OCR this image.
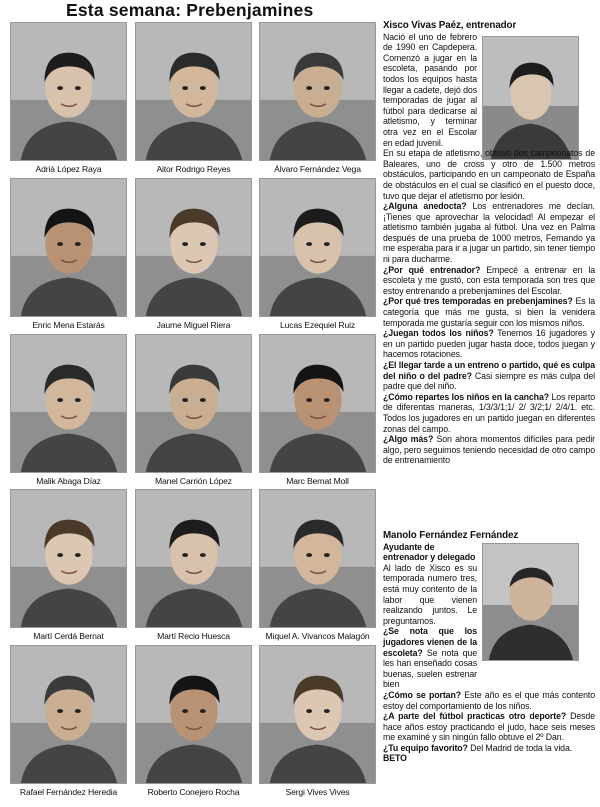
Esta semana: Prebenjamines
Adrià López Raya	Aitor Rodrigo Reyes	Álvaro Fernández Vega
Enric Mena Estarás	Jaume Miguel Riera	Lucas Ezequiel Ruiz
Malik Abaga Díaz	Manel Carrión López	Marc Bernat Moll
Martí Cerdá Bernat	Martí Recio Huesca	Miquel A. Vivancos Malagón
Rafael Fernández Heredia	Roberto Conejero Rocha	Sergi Vives Vives

Xisco Vivas Paéz, entrenador

Nació el uno de febrero de 1990 en Capdepera. Comenzó a jugar en la escoleta, pasando por todos los equipos hasta llegar a cadete, dejó dos temporadas de jugar al fútbol para dedicarse al atletismo, y terminar otra vez en el Escolar en edad juvenil.

En su etapa de atletismo, obtuvo dos campeonatos de Baleares, uno de cross y otro de 1.500 metros obstáculos, participando en un campeonato de España de obstáculos en el cual se clasificó en el puesto doce, tuvo que dejar el atletismo por lesión.

¿Alguna anedocta? Los entrenadores me decían. ¡Tienes que aprovechar la velocidad! Al empezar el atletismo también jugaba al fútbol. Una vez en Palma después de una prueba de 1000 metros, Fernando ya me esperaba para ir a jugar un partido, sin tener tiempo ni para ducharme.

¿Por qué entrenador? Empecé a entrenar en la escoleta y me gustó, con esta temporada son tres que estoy entrenando a prebenjamines del Escolar.

¿Por qué tres temporadas en prebenjamines? Es la categoría que más me gusta, si bien la venidera temporada me gustaría seguir con los mismos niños.

¿Juegan todos los niños? Tenemos 16 jugadores y en un partido pueden jugar hasta doce, todos juegan y hacemos rotaciones.

¿El llegar tarde a un entreno o partido, qué es culpa del niño o del padre? Casi siempre es más culpa del padre que del niño.

¿Cómo repartes los niños en la cancha? Los reparto de diferentas maneras, 1/3/3/1;1/ 2/ 3/2;1/ 2/4/1. etc. Todos los jugadores en un partido juegan en diferentes zonas del campo.

¿Algo más? Son ahora momentos difíciles para pedir algo, pero seguimos teniendo necesidad de otro campo de entrenamiento

Manolo Fernández Fernández

Ayudante de entrenador y delegado

Al lado de Xisco es su temporada numero tres, está muy contento de la labor que vienen realizando juntos. Le preguntamos.

¿Se nota que los jugadores vienen de la escoleta? Se nota que les han enseñado cosas buenas, suelen estrenar bien

¿Cómo se portan? Este año es el que más contento estoy del comportamiento de los niños.

¿A parte del fútbol practicas otro deporte? Desde hace años estoy practicando el judo, hace seis meses me examiné y sin ningún fallo obtuve el 2º Dan.

¿Tu equipo favorito? Del Madrid de toda la vida.

BETO
